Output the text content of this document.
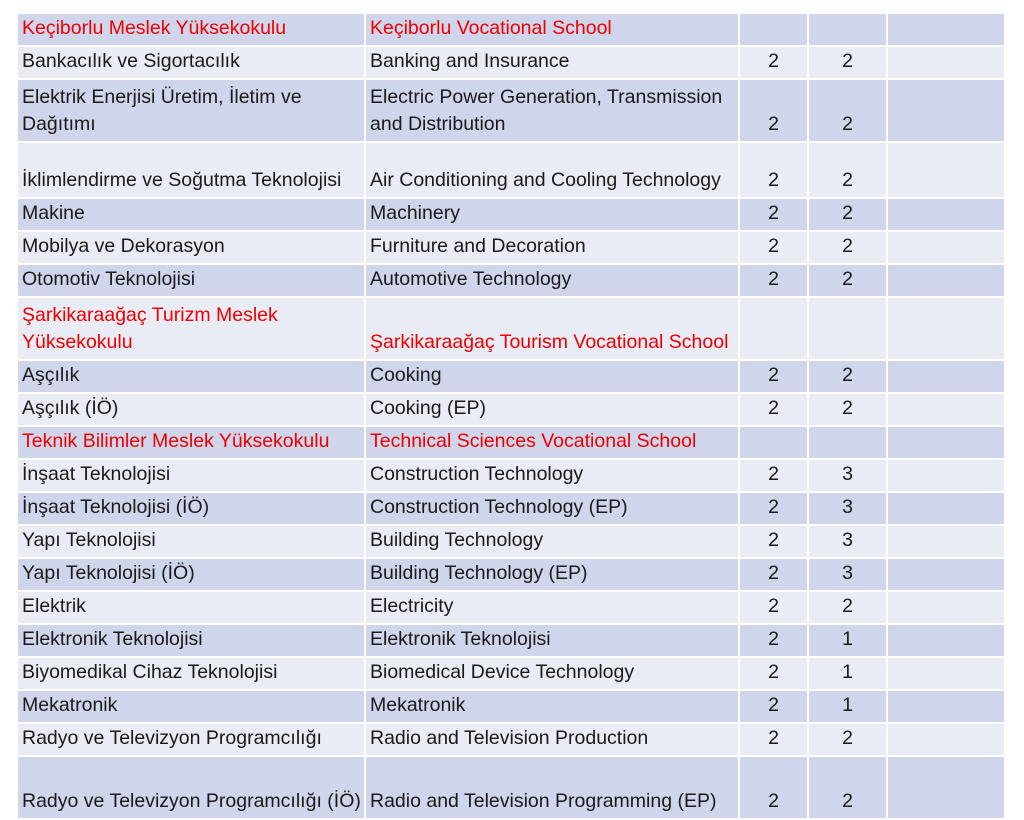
Keçiborlu Meslek Yüksekokulu	Keçiborlu Vocational School			
Bankacılık ve Sigortacılık	Banking and Insurance	2	2	
Elektrik Enerjisi Üretim, İletim ve Dağıtımı	Electric Power Generation, Transmission and Distribution	2	2	
İklimlendirme ve Soğutma Teknolojisi	Air Conditioning and Cooling Technology	2	2	
Makine	Machinery	2	2	
Mobilya ve Dekorasyon	Furniture and Decoration	2	2	
Otomotiv Teknolojisi	Automotive Technology	2	2	
Şarkikaraağaç Turizm Meslek Yüksekokulu	Şarkikaraağaç Tourism Vocational School			
Aşçılık	Cooking	2	2	
Aşçılık (İÖ)	Cooking (EP)	2	2	
Teknik Bilimler Meslek Yüksekokulu	Technical Sciences Vocational School			
İnşaat Teknolojisi	Construction Technology	2	3	
İnşaat Teknolojisi (İÖ)	Construction Technology (EP)	2	3	
Yapı Teknolojisi	Building Technology	2	3	
Yapı Teknolojisi (İÖ)	Building Technology (EP)	2	3	
Elektrik	Electricity	2	2	
Elektronik Teknolojisi	Elektronik Teknolojisi	2	1	
Biyomedikal Cihaz Teknolojisi	Biomedical Device Technology	2	1	
Mekatronik	Mekatronik	2	1	
Radyo ve Televizyon Programcılığı	Radio and Television Production	2	2	
Radyo ve Televizyon Programcılığı (İÖ)	Radio and Television Programming (EP)	2	2	
